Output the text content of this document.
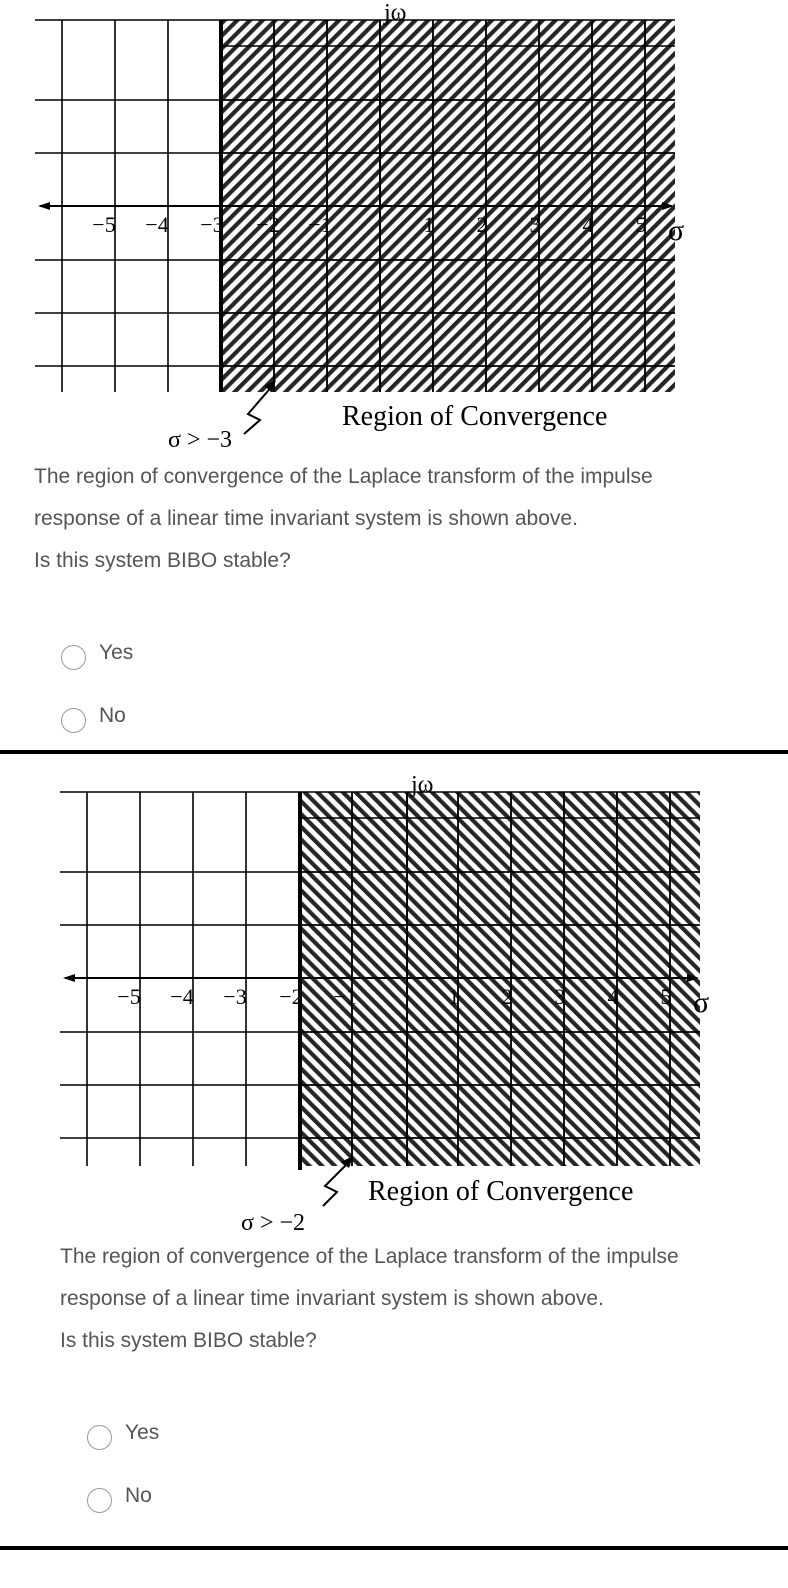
−5 −4 −3 −2 −1	1 2 3 4 5
jω
σ
σ > −3
Region of Convergence

The region of convergence of the Laplace transform of the impulse

response of a linear time invariant system is shown above.

Is this system BIBO stable?

Yes
No
−5 −4 −3 −2 −1	1 2 3 4 5
jω
σ
σ > −2
Region of Convergence

The region of convergence of the Laplace transform of the impulse

response of a linear time invariant system is shown above.

Is this system BIBO stable?

Yes
No
